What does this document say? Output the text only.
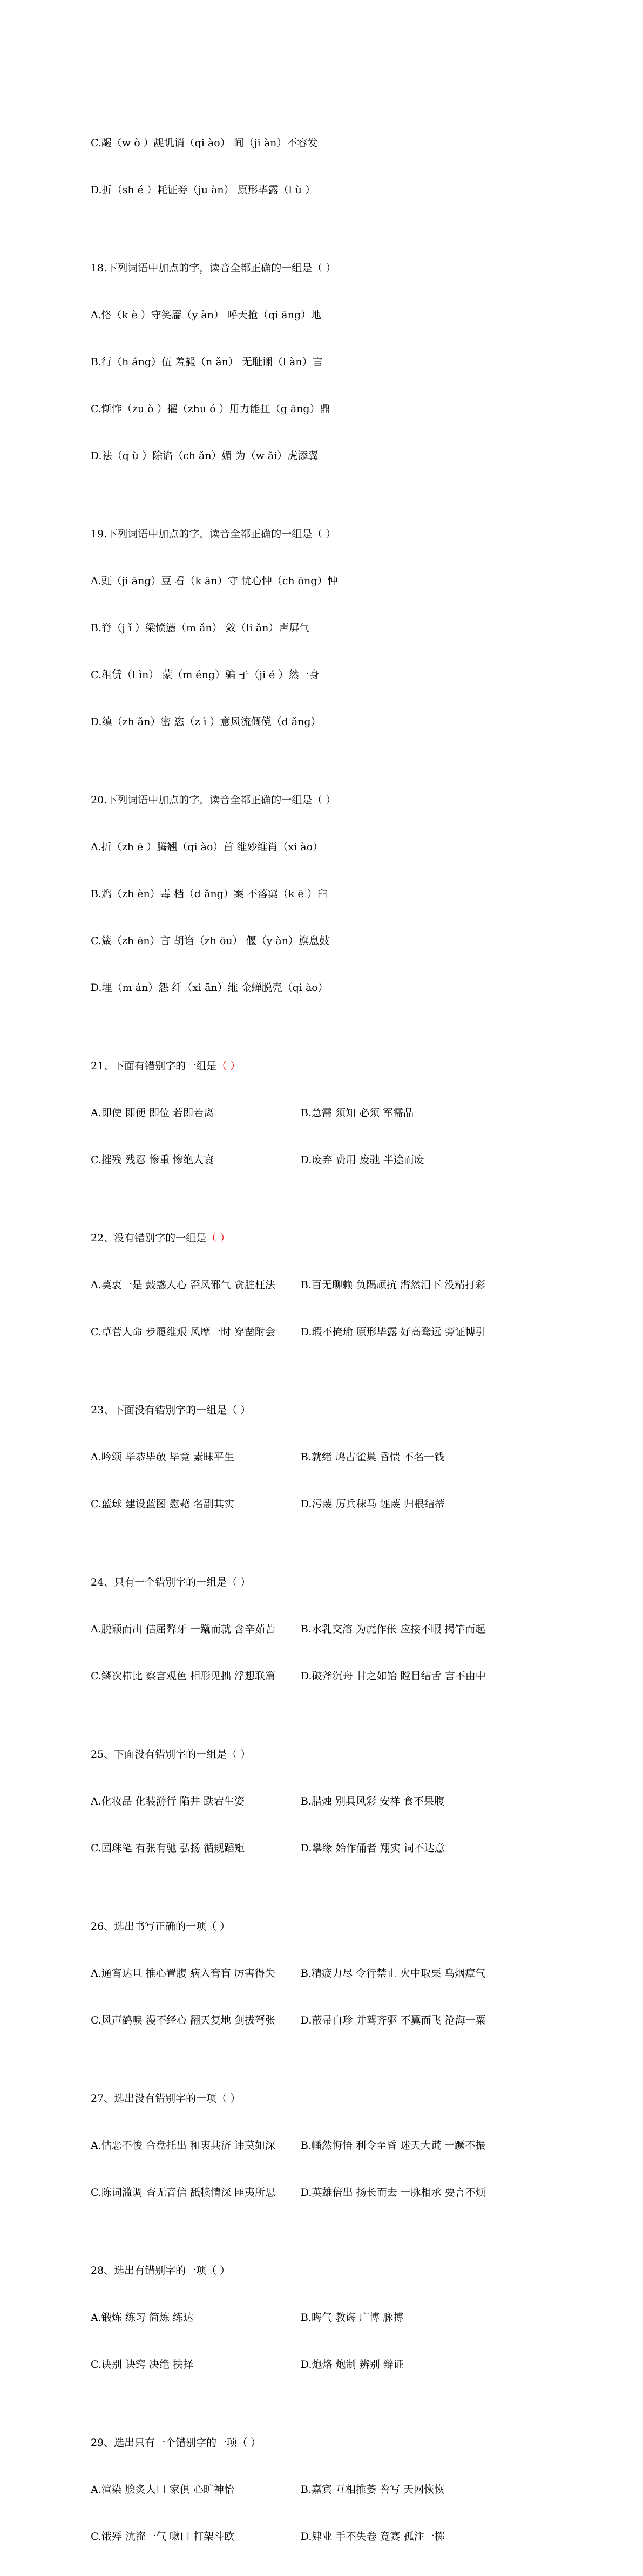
C.龌（w ò ）龊讥诮（qi ào） 间（ji àn）不容发

D.折（sh é ）耗证券（ju àn） 原形毕露（l ù ）

18.下列词语中加点的字，读音全都正确的一组是（ ）

A.恪（k è ）守笑靥（y àn） 呼天抢（qi āng）地

B.行（h áng）伍 羞赧（n ǎn） 无耻谰（l àn）言

C.惭怍（zu ò ）擢（zhu ó ）用力能扛（g āng）鼎

D.祛（q ù ）除谄（ch ǎn）媚 为（w ǎi）虎添翼

19.下列词语中加点的字，读音全都正确的一组是（ ）

A.豇（ji āng）豆 看（k ān）守 忧心忡（ch ōng）忡

B.脊（j ǐ ）梁愤懑（m ǎn） 敛（li ǎn）声屏气

C.租赁（l ìn） 蒙（m éng）骗 孑（ji é ）然一身

D.缜（zh ǎn）密 恣（z ì ）意风流倜傥（d ǎng）

20.下列词语中加点的字，读音全都正确的一组是（ ）

A.折（zh ē ）腾翘（qi ào）首 维妙维肖（xi ào）

B.鸩（zh èn）毒 档（d ǎng）案 不落窠（k ē ）臼

C.箴（zh ēn）言 胡诌（zh ōu） 偃（y àn）旗息鼓

D.埋（m án）怨 纤（xi ān）维 金蝉脱壳（qi ào）

21、下面有错别字的一组是（ ）

A.即使 即便 即位 若即若离	B.急需 须知 必须 军需品

C.摧残 残忍 惨重 惨绝人寰	D.废弃 费用 废驰 半途而废

22、没有错别字的一组是（ ）

A.莫衷一是 鼓惑人心 歪风邪气 贪脏枉法 B.百无聊赖 负隅顽抗 潸然泪下 没精打彩

C.草菅人命 步履维艰 风靡一时 穿凿附会 D.瑕不掩瑜 原形毕露 好高骛远 旁证博引

23、下面没有错别字的一组是（ ）

A.吟颂 毕恭毕敬 毕竟 素昧平生	B.就绪 鸠占雀巢 昏愦 不名一钱

C.蓝球 建设蓝图 慰藉 名副其实	D.污蔑 厉兵秣马 诬蔑 归根结蒂

24、只有一个错别字的一组是（ ）

A.脱颖而出 佶屈聱牙 一蹴而就 含辛茹苦 B.水乳交溶 为虎作伥 应接不暇 揭竿而起

C.鳞次栉比 察言观色 相形见拙 浮想联篇 D.破斧沉舟 甘之如饴 瞠目结舌 言不由中

25、下面没有错别字的一组是（ ）

A.化妆品 化装游行 陷井 跌宕生姿	B.腊烛 别具风彩 安祥 食不果腹

C.园珠笔 有张有驰 弘扬 循规蹈矩	D.攀缘 始作俑者 翔实 词不达意

26、选出书写正确的一项（ ）

A.通宵达旦 推心置腹 病入膏肓 厉害得失 B.精疲力尽 令行禁止 火中取栗 乌烟瘴气

C.风声鹤唳 漫不经心 翻天复地 剑拔弩张 D.蔽帚自珍 并驾齐驱 不翼而飞 沧海一粟

27、选出没有错别字的一项（ ）

A.怙恶不悛 合盘托出 和衷共济 讳莫如深 B.幡然悔悟 利令至昏 迷天大谎 一蹶不振

C.陈词滥调 杳无音信 舐犊情深 匪夷所思 D.英雄倍出 扬长而去 一脉相承 要言不烦

28、选出有错别字的一项（ ）

A.锻炼 练习 简炼 练达	B.晦气 教诲 广博 脉搏

C.诀别 诀窍 决绝 抉择	D.炮烙 炮制 辨别 辩证

29、选出只有一个错别字的一项（ ）

A.渲染 脍炙人口 家俱 心旷神怡	B.嘉宾 互相推萎 誊写 天网恢恢

C.饿殍 沆瀣一气 嗽口 打架斗欧	D.肄业 手不失卷 竟赛 孤注一掷
